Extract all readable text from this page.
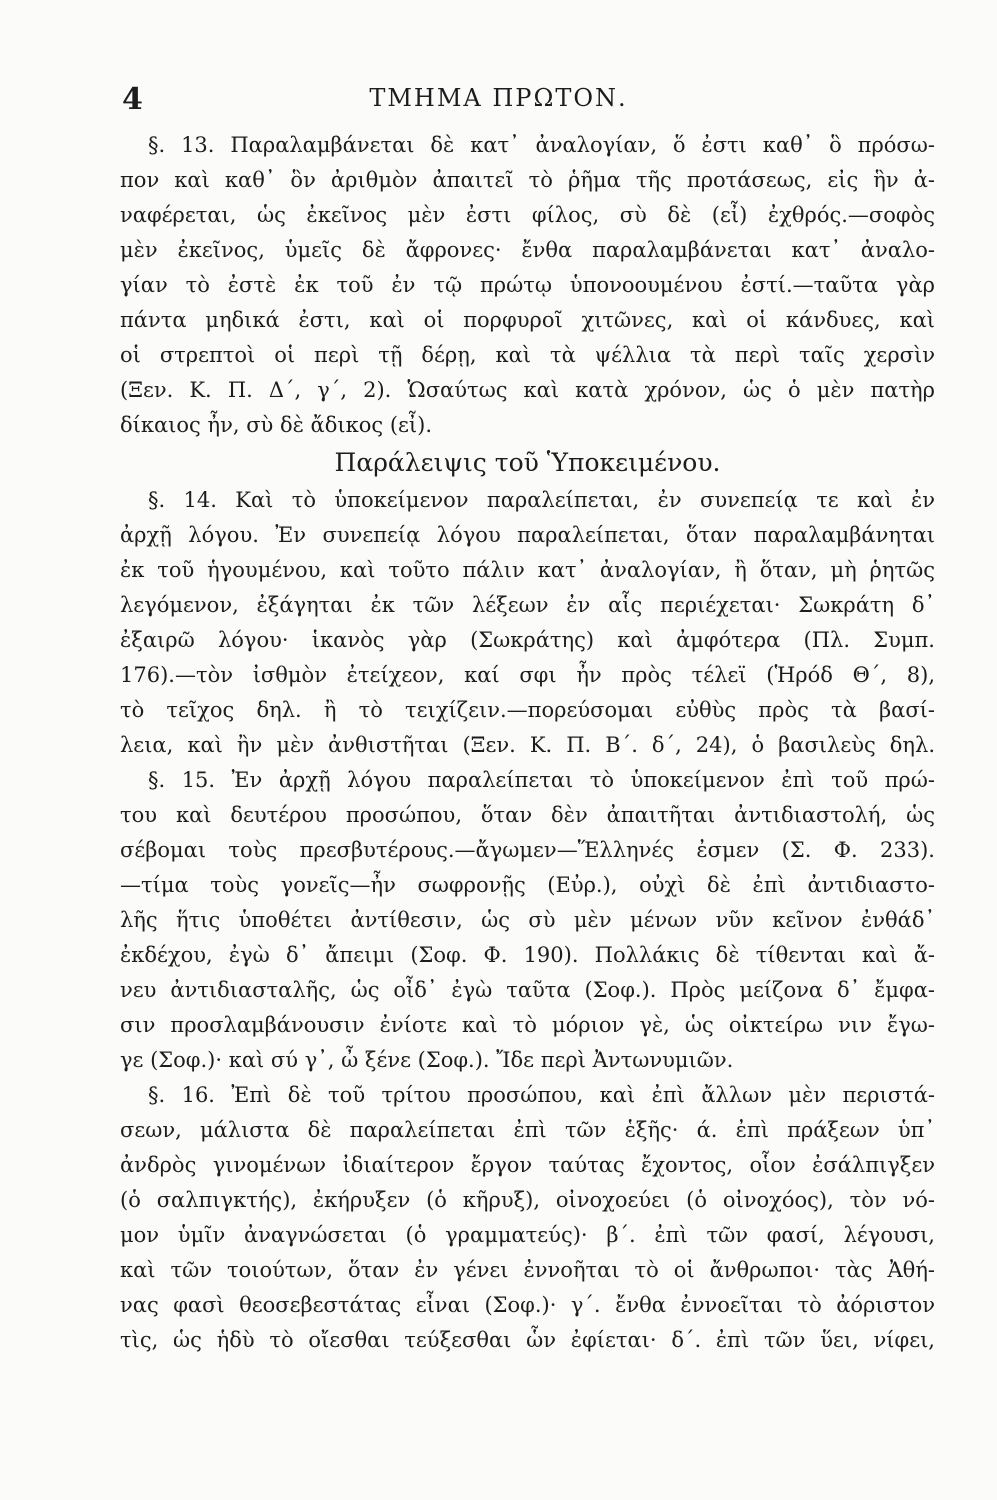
4	ΤΜΗΜΑ ΠΡΩΤΟΝ.
§. 13. Παραλαμβάνεται δὲ κατ᾽ ἀναλογίαν, ὅ ἐστι καθ᾽ ὃ πρόσω-
πον καὶ καθ᾽ ὃν ἀριθμὸν ἀπαιτεῖ τὸ ῥῆμα τῆς προτάσεως, εἰς ἣν ἀ-
ναφέρεται, ὡς ἐκεῖνος μὲν ἐστι φίλος, σὺ δὲ (εἶ) ἐχθρός.—σοφὸς
μὲν ἐκεῖνος, ὑμεῖς δὲ ἄφρονες· ἔνθα παραλαμβάνεται κατ᾽ ἀναλο-
γίαν τὸ ἐστὲ ἐκ τοῦ ἐν τῷ πρώτῳ ὑπονοουμένου ἐστί.—ταῦτα γὰρ
πάντα μηδικά ἐστι, καὶ οἱ πορφυροῖ χιτῶνες, καὶ οἱ κάνδυες, καὶ
οἱ στρεπτοὶ οἱ περὶ τῇ δέρῃ, καὶ τὰ ψέλλια τὰ περὶ ταῖς χερσὶν
(Ξεν. Κ. Π. Δ΄, γ΄, 2). Ὡσαύτως καὶ κατὰ χρόνον, ὡς ὁ μὲν πατὴρ
δίκαιος ἦν, σὺ δὲ ἄδικος (εἶ).
Παράλειψις τοῦ Ὑποκειμένου.
§. 14. Καὶ τὸ ὑποκείμενον παραλείπεται, ἐν συνεπείᾳ τε καὶ ἐν
ἀρχῇ λόγου. Ἐν συνεπείᾳ λόγου παραλείπεται, ὅταν παραλαμβάνηται
ἐκ τοῦ ἡγουμένου, καὶ τοῦτο πάλιν κατ᾽ ἀναλογίαν, ἢ ὅταν, μὴ ῥητῶς
λεγόμενον, ἐξάγηται ἐκ τῶν λέξεων ἐν αἷς περιέχεται· Σωκράτη δ᾽
ἐξαιρῶ λόγου· ἱκανὸς γὰρ (Σωκράτης) καὶ ἀμφότερα (Πλ. Συμπ.
176).—τὸν ἰσθμὸν ἐτείχεον, καί σφι ἦν πρὸς τέλεϊ (Ἡρόδ Θ΄, 8),
τὸ τεῖχος δηλ. ἢ τὸ τειχίζειν.—πορεύσομαι εὐθὺς πρὸς τὰ βασί-
λεια, καὶ ἢν μὲν ἀνθιστῆται (Ξεν. Κ. Π. Β΄. δ΄, 24), ὁ βασιλεὺς δηλ.
§. 15. Ἐν ἀρχῇ λόγου παραλείπεται τὸ ὑποκείμενον ἐπὶ τοῦ πρώ-
του καὶ δευτέρου προσώπου, ὅταν δὲν ἀπαιτῆται ἀντιδιαστολή, ὡς
σέβομαι τοὺς πρεσβυτέρους.—ἄγωμεν—Ἕλληνές ἐσμεν (Σ. Φ. 233).
—τίμα τοὺς γονεῖς—ἦν σωφρονῇς (Εὐρ.), οὐχὶ δὲ ἐπὶ ἀντιδιαστο-
λῆς ἥτις ὑποθέτει ἀντίθεσιν, ὡς σὺ μὲν μένων νῦν κεῖνον ἐνθάδ᾽
ἐκδέχου, ἐγὼ δ᾽ ἄπειμι (Σοφ. Φ. 190). Πολλάκις δὲ τίθενται καὶ ἄ-
νευ ἀντιδιασταλῆς, ὡς οἶδ᾽ ἐγὼ ταῦτα (Σοφ.). Πρὸς μείζονα δ᾽ ἔμφα-
σιν προσλαμβάνουσιν ἐνίοτε καὶ τὸ μόριον γὲ, ὡς οἰκτείρω νιν ἔγω-
γε (Σοφ.)· καὶ σύ γ᾽, ὦ ξένε (Σοφ.). Ἴδε περὶ Ἀντωνυμιῶν.
§. 16. Ἐπὶ δὲ τοῦ τρίτου προσώπου, καὶ ἐπὶ ἄλλων μὲν περιστά-
σεων, μάλιστα δὲ παραλείπεται ἐπὶ τῶν ἑξῆς· ά. ἐπὶ πράξεων ὑπ᾽
ἀνδρὸς γινομένων ἰδιαίτερον ἔργον ταύτας ἔχοντος, οἷον ἐσάλπιγξεν
(ὁ σαλπιγκτής), ἐκήρυξεν (ὁ κῆρυξ), οἰνοχοεύει (ὁ οἰνοχόος), τὸν νό-
μον ὑμῖν ἀναγνώσεται (ὁ γραμματεύς)· β΄. ἐπὶ τῶν φασί, λέγουσι,
καὶ τῶν τοιούτων, ὅταν ἐν γένει ἐννοῆται τὸ οἱ ἄνθρωποι· τὰς Ἀθή-
νας φασὶ θεοσεβεστάτας εἶναι (Σοφ.)· γ΄. ἔνθα ἐννοεῖται τὸ ἀόριστον
τὶς, ὡς ἡδὺ τὸ οἴεσθαι τεύξεσθαι ὧν ἐφίεται· δ΄. ἐπὶ τῶν ὕει, νίφει,
